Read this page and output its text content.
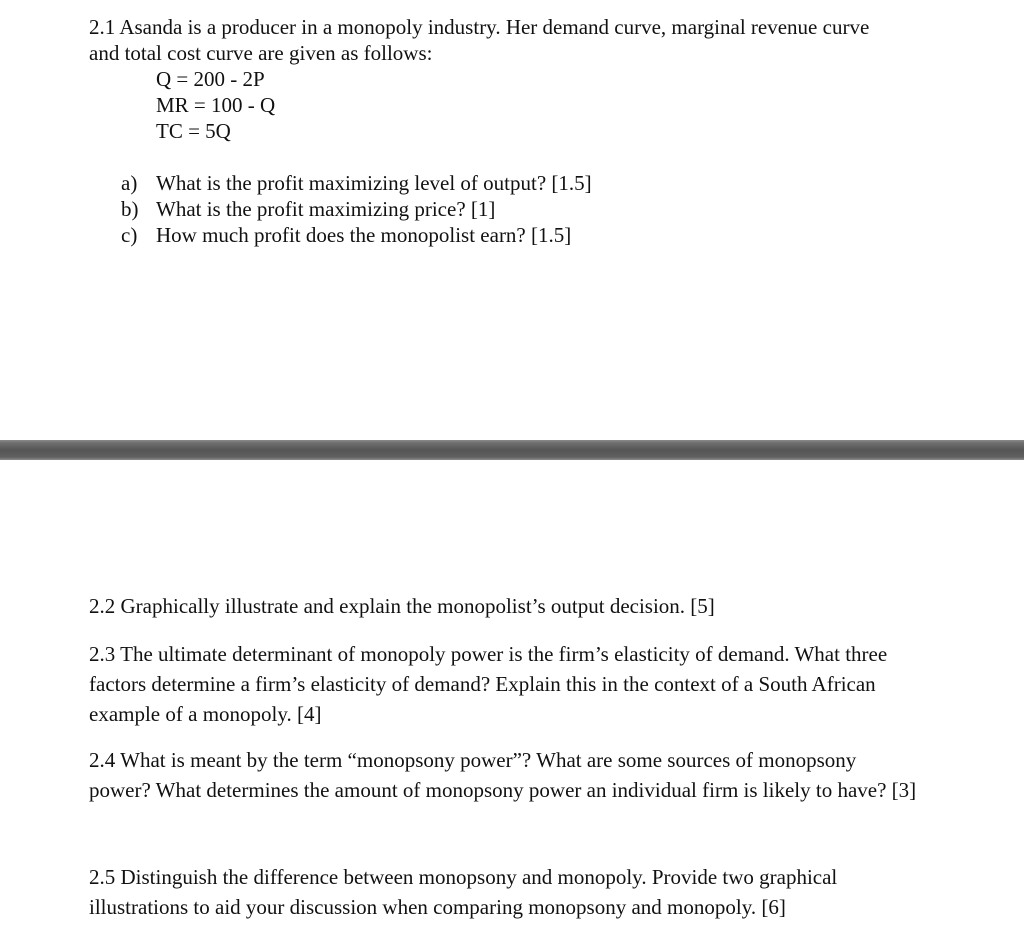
2.1 Asanda is a producer in a monopoly industry. Her demand curve, marginal revenue curve
and total cost curve are given as follows:
Q = 200 - 2P
MR = 100 - Q
TC = 5Q
a) What is the profit maximizing level of output? [1.5]
b) What is the profit maximizing price? [1]
c) How much profit does the monopolist earn? [1.5]

2.2 Graphically illustrate and explain the monopolist’s output decision. [5]

2.3 The ultimate determinant of monopoly power is the firm’s elasticity of demand. What three factors determine a firm’s elasticity of demand? Explain this in the context of a South African example of a monopoly. [4]

2.4 What is meant by the term “monopsony power”? What are some sources of monopsony power? What determines the amount of monopsony power an individual firm is likely to have? [3]

2.5 Distinguish the difference between monopsony and monopoly. Provide two graphical illustrations to aid your discussion when comparing monopsony and monopoly. [6]
